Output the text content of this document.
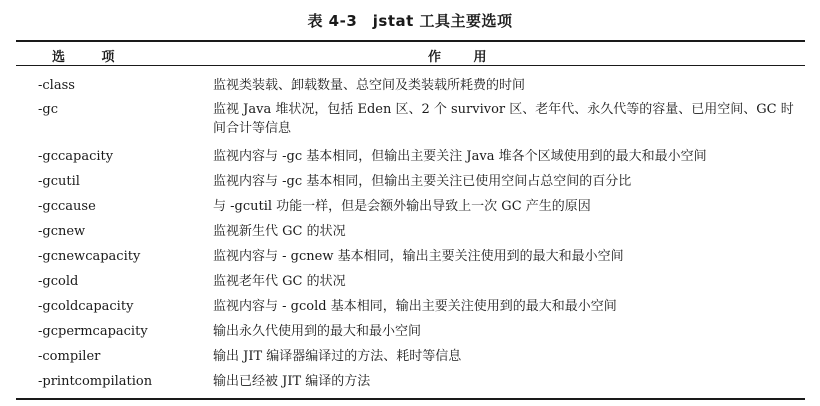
表 4-3　jstat 工具主要选项
选 项	作 用
-class	监视类装载、卸载数量、总空间及类装载所耗费的时间
-gc	监视 Java 堆状况，包括 Eden 区、2 个 survivor 区、老年代、永久代等的容量、已用空间、GC 时间合计等信息
-gccapacity	监视内容与 -gc 基本相同，但输出主要关注 Java 堆各个区域使用到的最大和最小空间
-gcutil	监视内容与 -gc 基本相同，但输出主要关注已使用空间占总空间的百分比
-gccause	与 -gcutil 功能一样，但是会额外输出导致上一次 GC 产生的原因
-gcnew	监视新生代 GC 的状况
-gcnewcapacity	监视内容与 - gcnew 基本相同，输出主要关注使用到的最大和最小空间
-gcold	监视老年代 GC 的状况
-gcoldcapacity	监视内容与 - gcold 基本相同，输出主要关注使用到的最大和最小空间
-gcpermcapacity	输出永久代使用到的最大和最小空间
-compiler	输出 JIT 编译器编译过的方法、耗时等信息
-printcompilation	输出已经被 JIT 编译的方法
